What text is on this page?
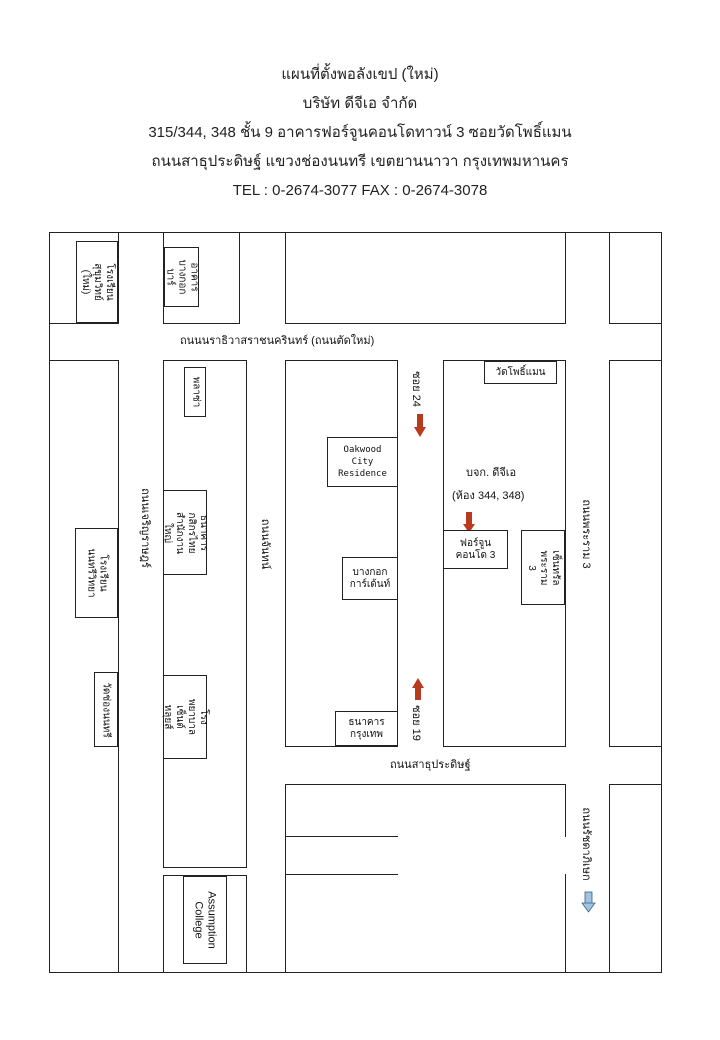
แผนที่ตั้งพอลังเขป (ใหม่)
บริษัท ดีจีเอ จำกัด
315/344, 348 ชั้น 9 อาคารฟอร์จูนคอนโดทาวน์ 3 ซอยวัดโพธิ์แมน
ถนนสาธุประดิษฐ์ แขวงช่องนนทรี เขตยานนาวา กรุงเทพมหานคร
TEL : 0-2674-3077 FAX : 0-2674-3078
โรงเรียน สุขุมวิทย์ (ใหม่)	อาคาร บางกอกบาร์
วัดโพธิ์แมน
Oakwood City Residence
ฟอร์จูน คอนโด 3
บางกอก การ์เด้นท์
ธนาคาร กรุงเทพ
พลาซ่า
ธนาคารกสิกรไทย สำนักงานใหญ่
โรงเรียน นนทรีวิทยา
วัดช่องนนทรี	โรงพยาบาล เซ็นต์หลุยส์
เซ็นทรัล พระราม 3
Assumption College
ถนนนราธิวาสราชนครินทร์ (ถนนตัดใหม่)
ถนนสาธุประดิษฐ์
บจก. ดีจีเอ
(ห้อง 344, 348)
ถนนเจริญราษฎร์	ถนนจันทน์
ซอย 24
ซอย 19
ถนนพระราม 3
ถนนรัชดาภิเษก
